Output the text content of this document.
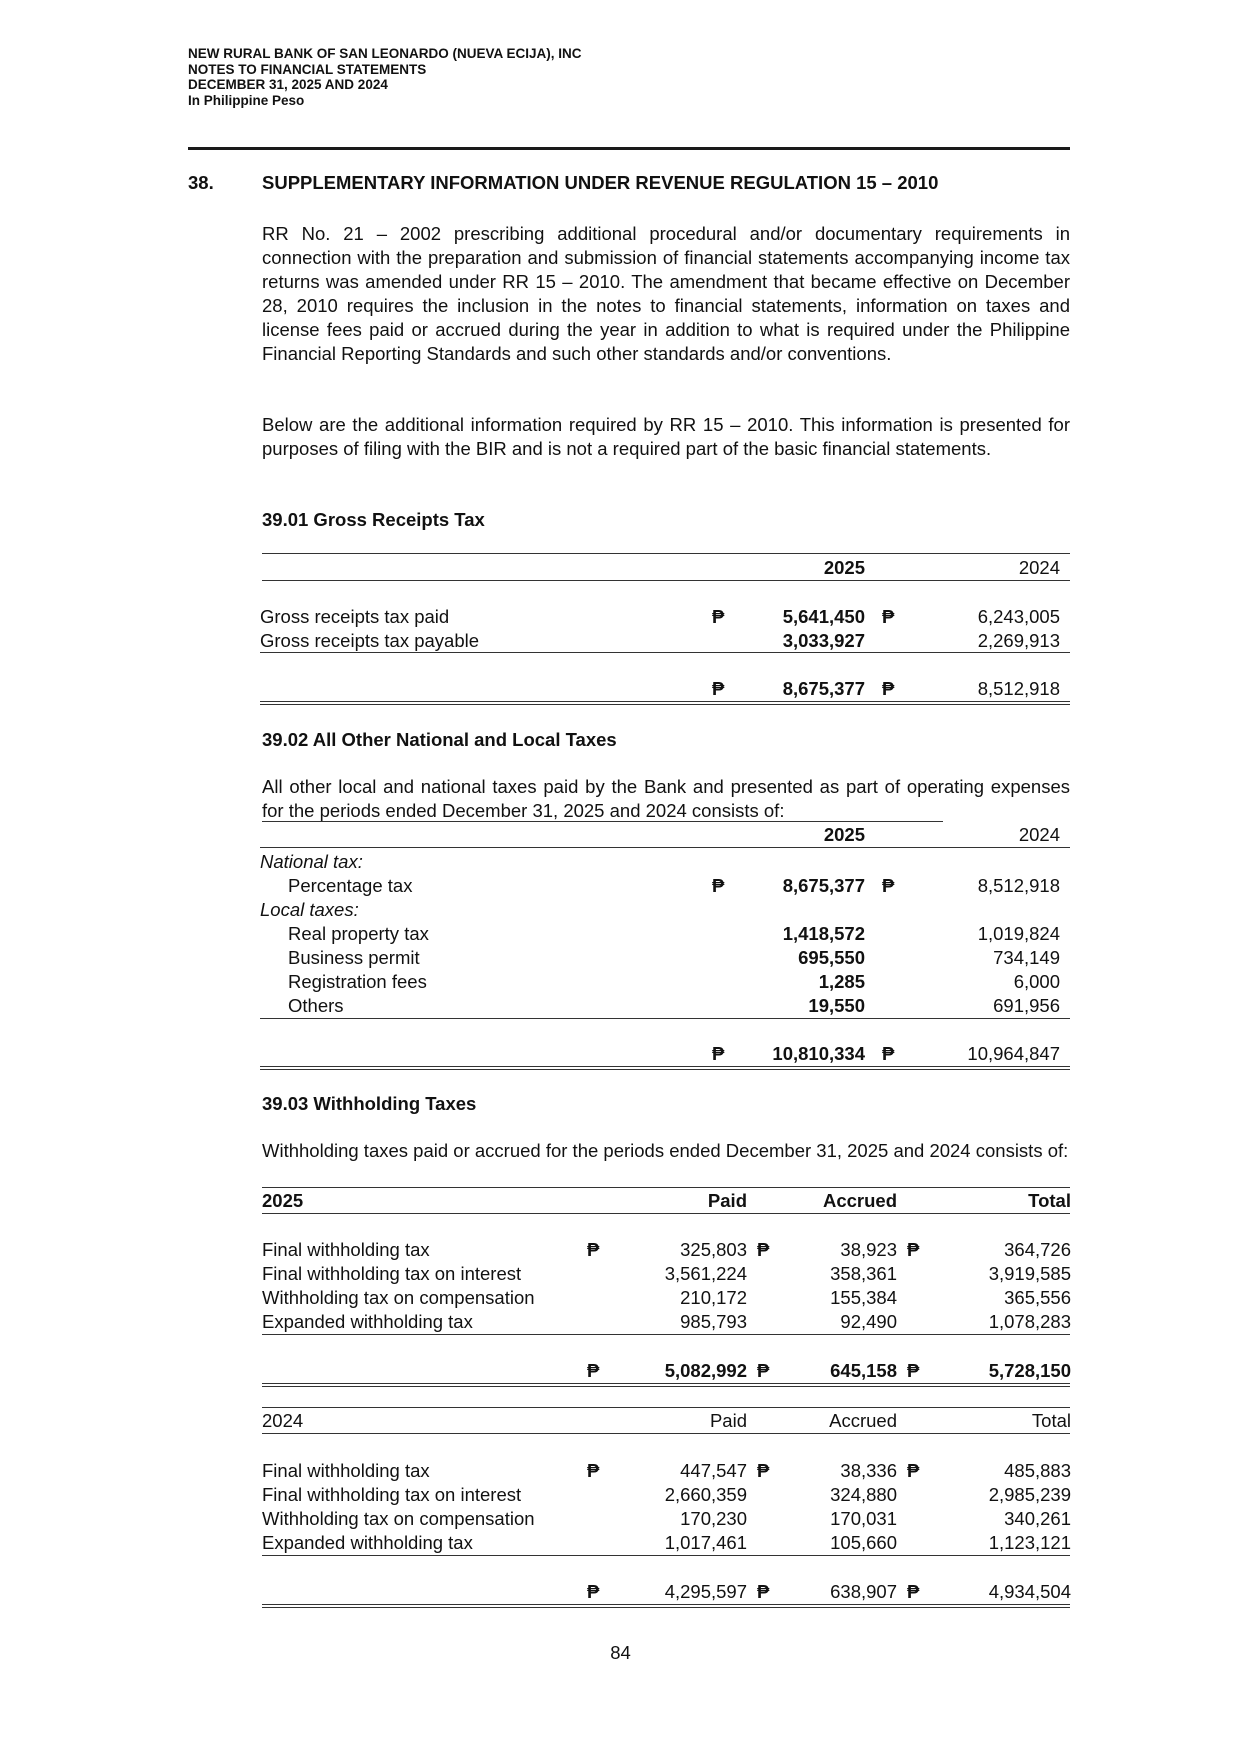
NEW RURAL BANK OF SAN LEONARDO (NUEVA ECIJA), INC
NOTES TO FINANCIAL STATEMENTS
DECEMBER 31, 2025 AND 2024
In Philippine Peso
38.	SUPPLEMENTARY INFORMATION UNDER REVENUE REGULATION 15 – 2010
RR No. 21 – 2002 prescribing additional procedural and/or documentary requirements in connection with the preparation and submission of financial statements accompanying income tax returns was amended under RR 15 – 2010. The amendment that became effective on December 28, 2010 requires the inclusion in the notes to financial statements, information on taxes and license fees paid or accrued during the year in addition to what is required under the Philippine Financial Reporting Standards and such other standards and/or conventions.
Below are the additional information required by RR 15 – 2010. This information is presented for purposes of filing with the BIR and is not a required part of the basic financial statements.
39.01 Gross Receipts Tax
2025	2024
Gross receipts tax paid	₱	5,641,450 ₱	6,243,005
Gross receipts tax payable	3,033,927	2,269,913
₱	8,675,377 ₱	8,512,918
39.02 All Other National and Local Taxes
All other local and national taxes paid by the Bank and presented as part of operating expenses for the periods ended December 31, 2025 and 2024 consists of:
2025	2024
National tax:
Percentage tax	₱	8,675,377 ₱	8,512,918
Local taxes:
Real property tax	1,418,572	1,019,824
Business permit	695,550	734,149
Registration fees	1,285	6,000
Others	19,550	691,956
₱	10,810,334 ₱	10,964,847
39.03 Withholding Taxes
Withholding taxes paid or accrued for the periods ended December 31, 2025 and 2024 consists of:
2025	Paid	Accrued	Total
Final withholding tax	₱	325,803 ₱	38,923 ₱	364,726
Final withholding tax on interest	3,561,224	358,361	3,919,585
Withholding tax on compensation	210,172	155,384	365,556
Expanded withholding tax	985,793	92,490	1,078,283
₱	5,082,992 ₱	645,158 ₱	5,728,150
2024	Paid	Accrued	Total
Final withholding tax	₱	447,547 ₱	38,336 ₱	485,883
Final withholding tax on interest	2,660,359	324,880	2,985,239
Withholding tax on compensation	170,230	170,031	340,261
Expanded withholding tax	1,017,461	105,660	1,123,121
₱	4,295,597 ₱	638,907 ₱	4,934,504
84
